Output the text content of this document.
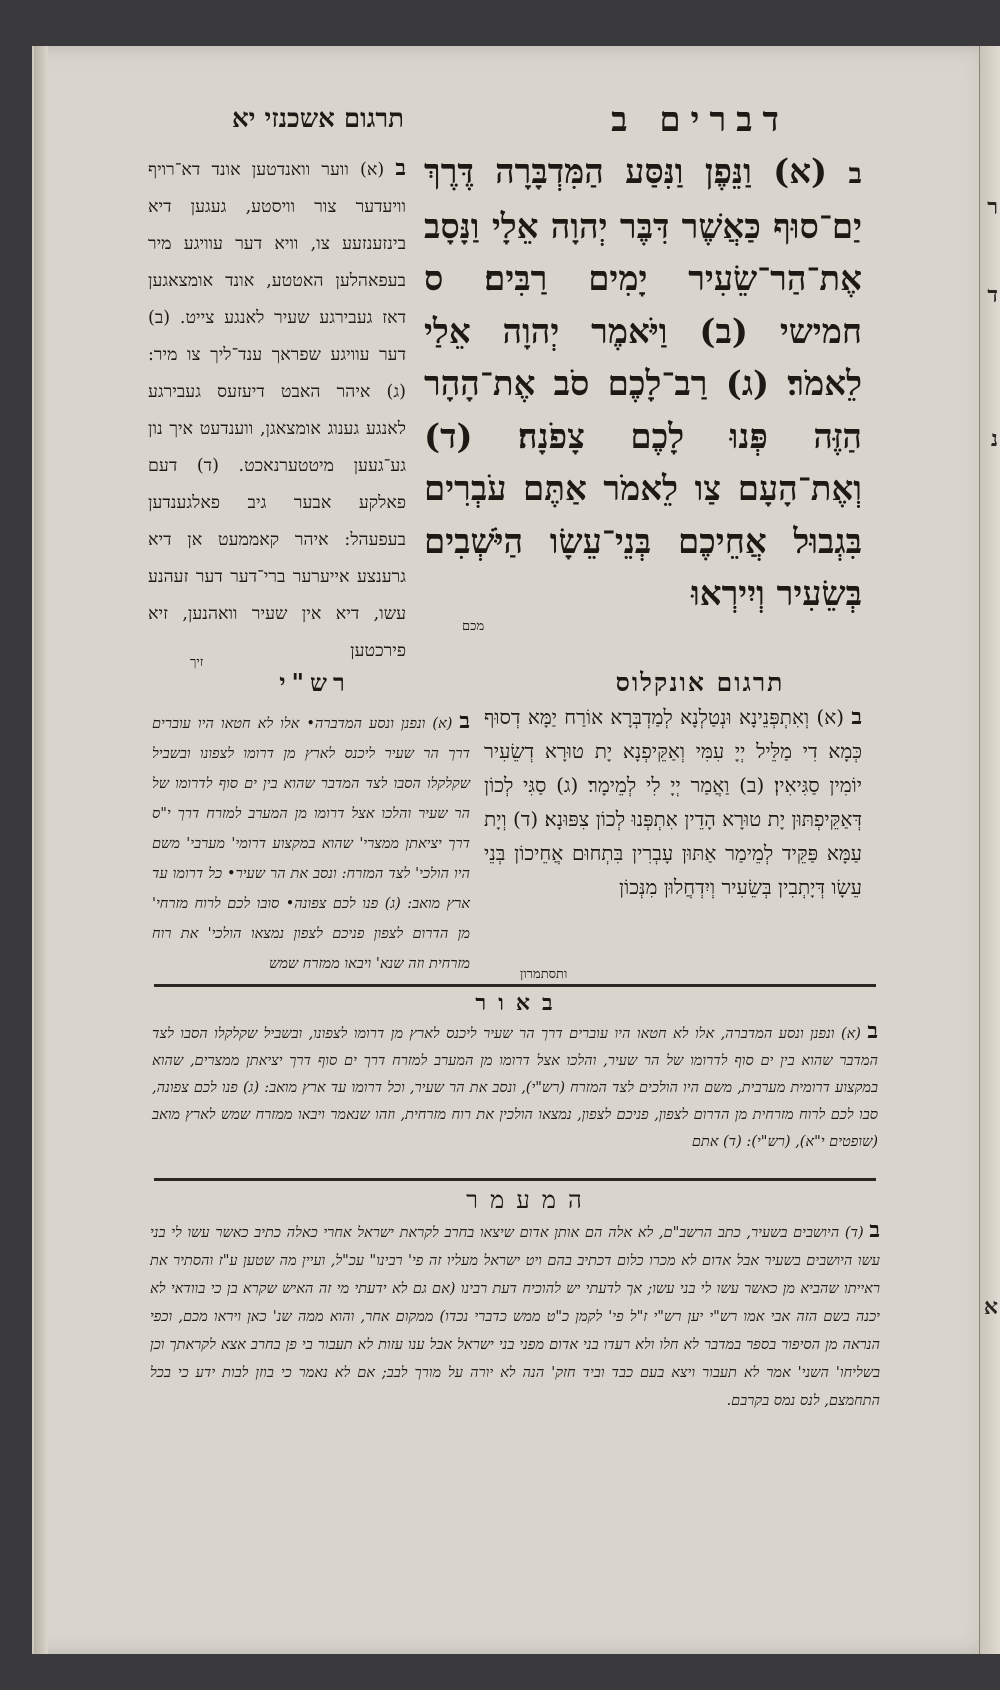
ר
ד
נ
א
תרגום אשכנזי יא	דברים ב
ב (א) וַנֵּפֶן וַנִּסַּע הַמִּדְבָּרָה דֶּרֶךְ יַם־סוּף כַּאֲשֶׁר דִּבֶּר יְהוָה אֵלָי וַנָּסָב אֶת־הַר־שֵׂעִיר יָמִים רַבִּים׃ ס חמישי (ב) וַיֹּאמֶר יְהוָה אֵלַי לֵאמֹר׃ (ג) רַב־לָכֶם סֹב אֶת־הָהָר הַזֶּה פְּנוּ לָכֶם צָפֹנָה׃ (ד) וְאֶת־הָעָם צַו לֵאמֹר אַתֶּם עֹבְרִים בִּגְבוּל אֲחֵיכֶם בְּנֵי־עֵשָׂו הַיֹּשְׁבִים בְּשֵׂעִיר וְיִירְאוּ
מכם
ב (א) ווער וואנדטען אונד דא־רויף וויעדער צור וויסטע, געגען דיא בינזענזעע צו, וויא דער עוויגע מיר בעפאהלען האטטע, אונד אומצאגען דאז געבירגע שעיר לאנגע צייט. (ב) דער עוויגע שפראך ענד־ליך צו מיר: (ג) איהר האבט דיעזעס געבירגע לאנגע גענוג אומצאגן, ווענדעט איך נון גע־געען מיטטערנאכט. (ד) דעם פאלקע אבער גיב פאלגענדען בעפעהל: איהר קאממעט אן דיא גרענצע אייערער ברי־דער דער זעהנע עשו, דיא אין שעיר וואהנען, זיא פירכטען
זיך
תרגום אונקלוס
רש"י
ב (א) וְאִתְפְּנֵינָא וּנְטַלְנָא לְמַדְבְּרָא אוֹרַח יַמָּא דְסוּף כְּמָא דִי מַלֵּיל יְיָ עִמִּי וְאַקֵּיפְנָא יָת טוּרָא דְשֵׂעִיר יוֹמִין סַגִּיאִין׃ (ב) וַאֲמַר יְיָ לִי לְמֵימָר׃ (ג) סַגִּי לְכוֹן דְּאַקֵּיפְתּוּן יָת טוּרָא הָדֵין אִתְפְּנוּ לְכוֹן צִפּוּנָא׃ (ד) וְיָת עַמָּא פַּקֵּיד לְמֵימַר אַתּוּן עָבְרִין בִּתְחוּם אֲחֵיכוֹן בְּנֵי עֵשָׂו דְּיָתְבִין בְּשֵׂעִיר וְיִדְחֲלוּן מִנְּכוֹן
ותסתמרון
ב (א) ונפנן ונסע המדברה• אלו לא חטאו היו עוברים דרך הר שעיר ליכנס לארץ מן דרומו לצפונו ובשביל שקלקלו הסבו לצד המדבר שהוא בין ים סוף לדרומו של הר שעיר והלכו אצל דרומו מן המערב למזרח דרך י"ס דרך יציאתן ממצרי' שהוא במקצוע דרומי' מערבי' משם היו הולכי' לצד המזרח: ונסב את הר שעיר• כל דרומו עד ארץ מואב: (ג) פנו לכם צפונה• סובו לכם לרוח מזרחי' מן הדרום לצפון פניכם לצפון נמצאו הולכי' את רוח מזרחית וזה שנא' ויבאו ממזרח שמש
באור
ב (א) ונפנן ונסע המדברה, אלו לא חטאו היו עוברים דרך הר שעיר ליכנס לארץ מן דרומו לצפונו, ובשביל שקלקלו הסבו לצד המדבר שהוא בין ים סוף לדרומו של הר שעיר, והלכו אצל דרומו מן המערב למזרח דרך ים סוף דרך יציאתן ממצרים, שהוא במקצוע דרומית מערבית, משם היו הולכים לצד המזרח (רש"י), ונסב את הר שעיר, וכל דרומו עד ארץ מואב: (ג) פנו לכם צפונה, סבו לכם לרוח מזרחית מן הדרום לצפון, פניכם לצפון, נמצאו הולכין את רוח מזרחית, וזהו שנאמר ויבאו ממזרח שמש לארץ מואב (שופטים י"א), (רש"י): (ד) אתם
המעמר
ב (ד) היושבים בשעיר, כתב הרשב"ם, לא אלה הם אותן אדום שיצאו בחרב לקראת ישראל אחרי כאלה כתיב כאשר עשו לי בני עשו היושבים בשעיר אבל אדום לא מכרו כלום דכתיב בהם ויט ישראל מעליו זה פי' רבינו" עכ"ל, ועיין מה שטען ע"ז והסתיר את ראייתו שהביא מן כאשר עשו לי בני עשו; אך לדעתי יש להוכיח דעת רבינו (אם גם לא ידעתי מי זה האיש שקרא בן כי בוודאי לא יכנה בשם הזה אבי אמו רש"י יען רש"י ז"ל פי' לקמן כ"ט ממש כדברי נכדו) ממקום אחר, והוא ממה שנ' כאן ויראו מכם, וכפי הנראה מן הסיפור בספר במדבר לא חלו ולא רעדו בני אדום מפני בני ישראל אבל ענו עזות לא תעבור בי פן בחרב אצא לקראתך וכן בשליחו' השני' אמר לא תעבור ויצא בעם כבד וביד חזק' הנה לא יורה על מורך לבב; אם לא נאמר כי בוזן לבות ידע כי בכל התחמצם, לנס נמס בקרבם.
